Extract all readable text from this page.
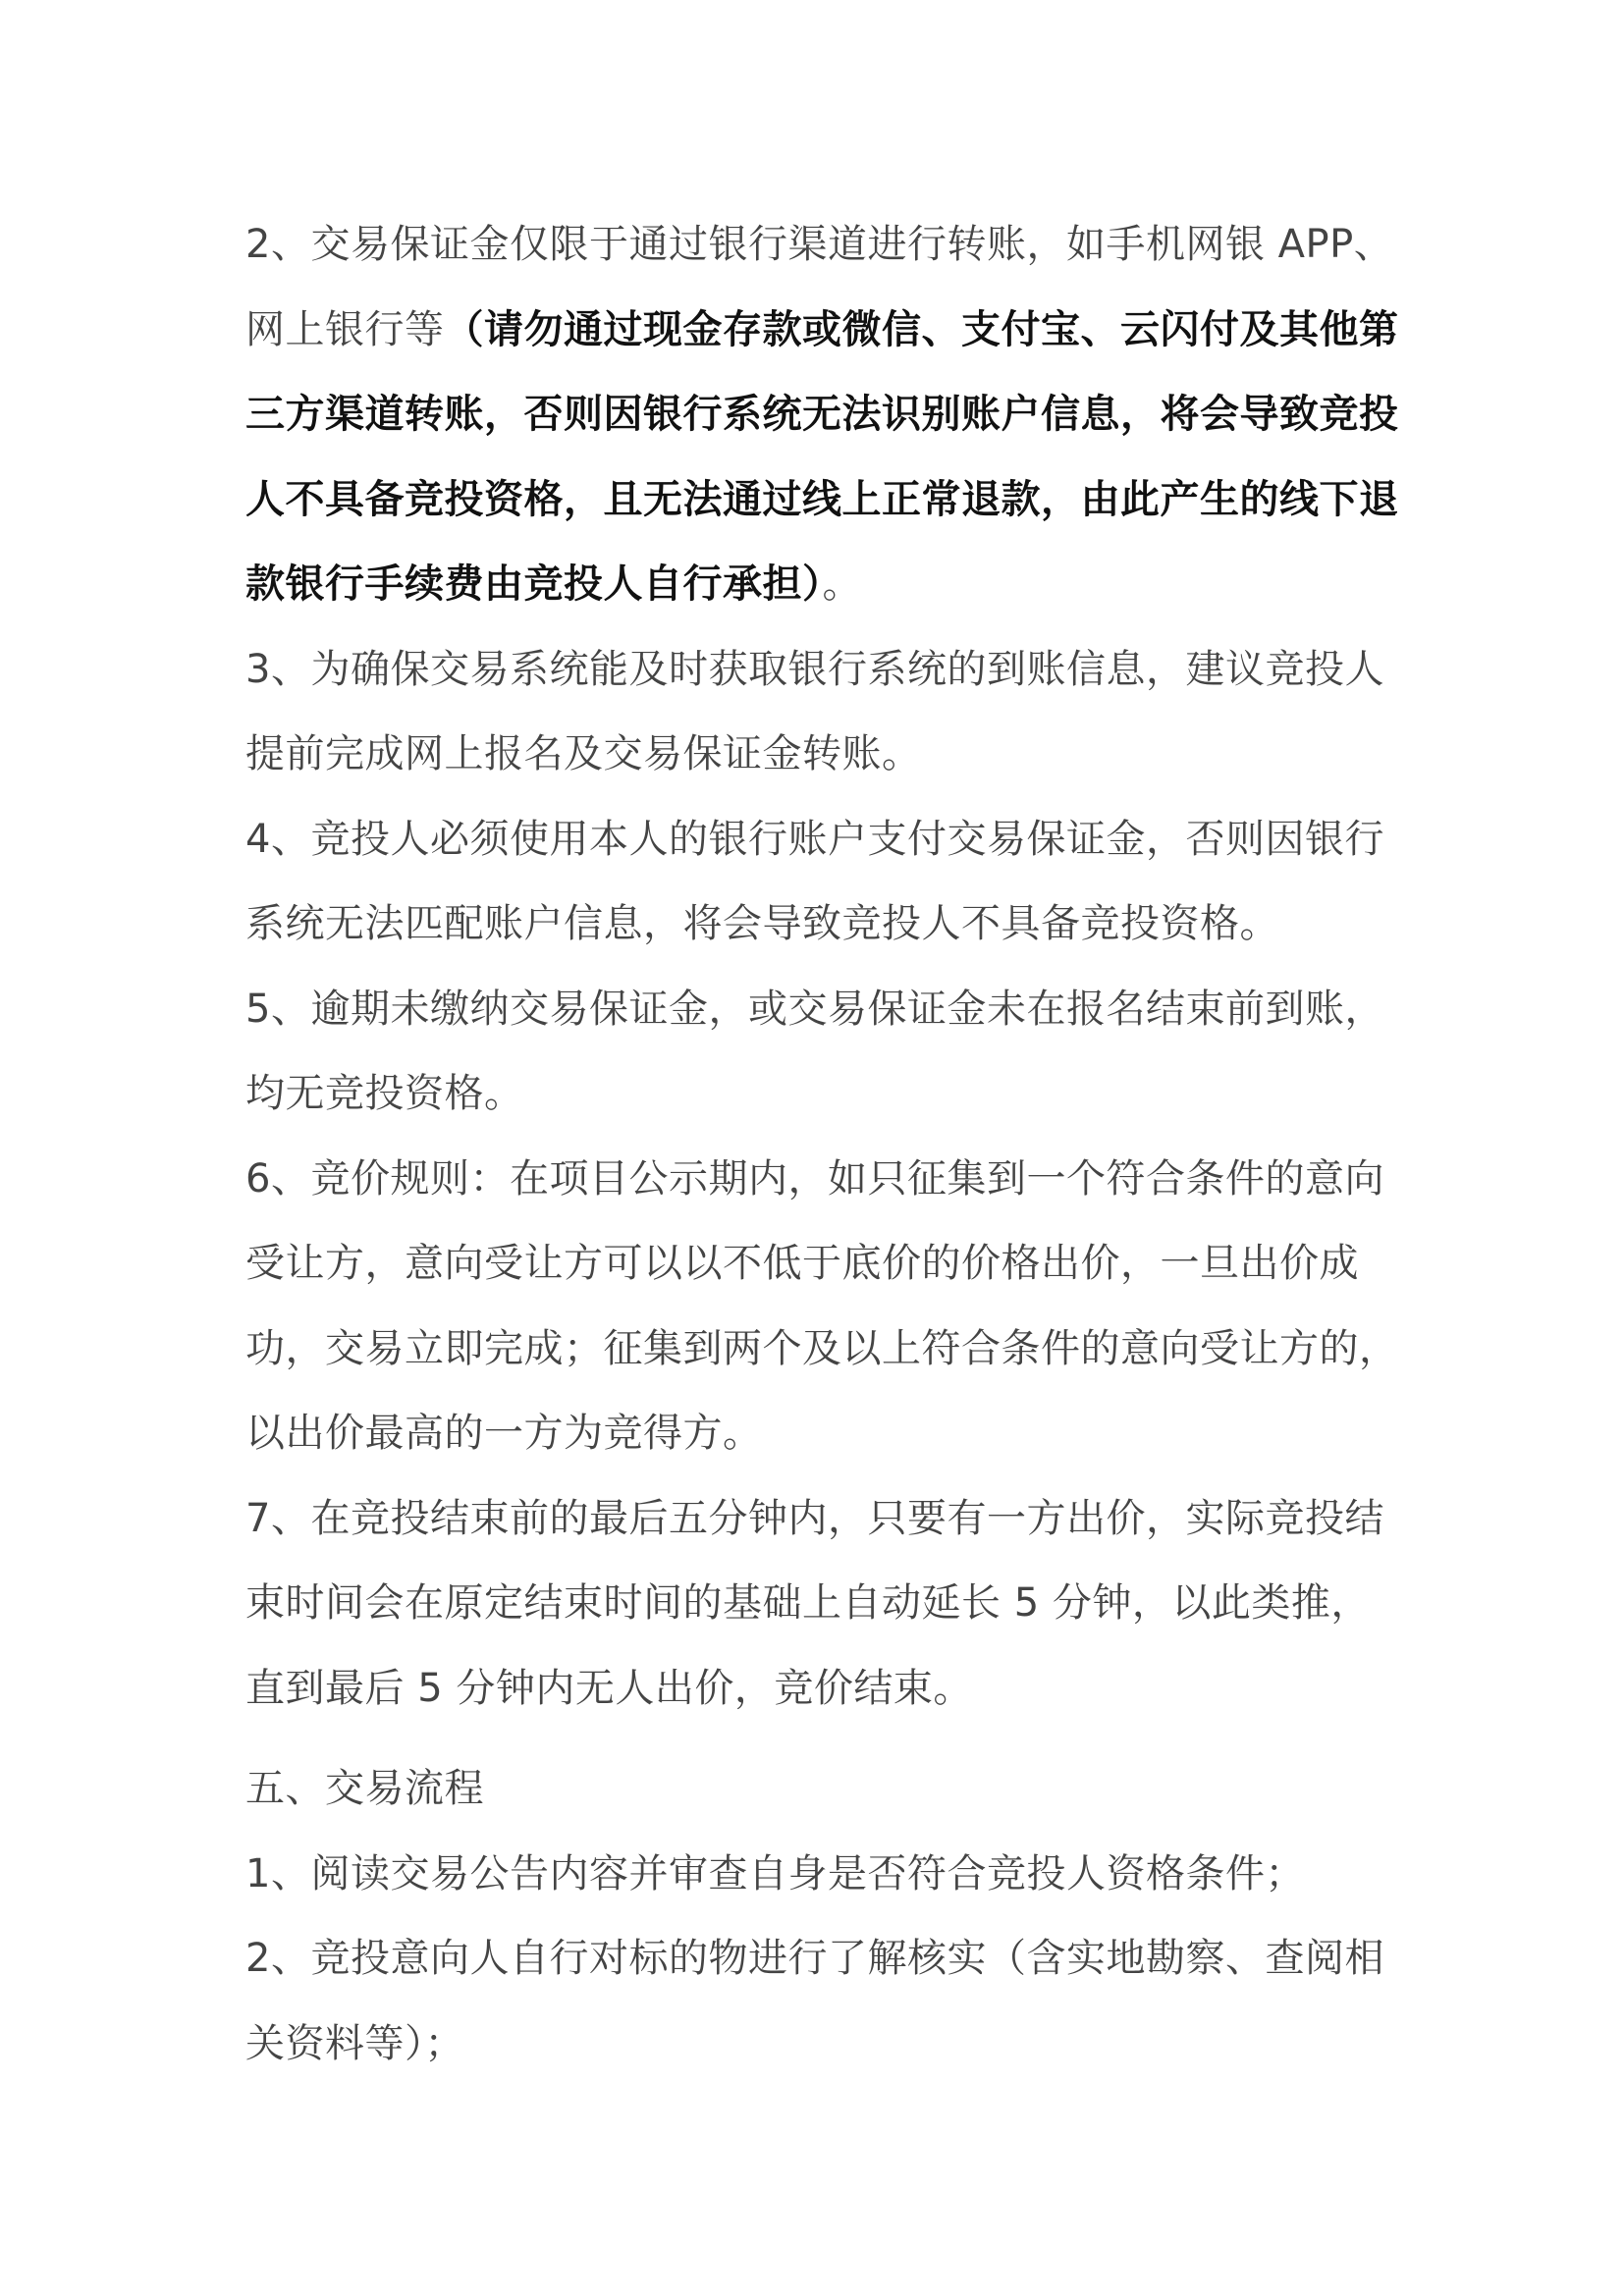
2、交易保证金仅限于通过银行渠道进行转账，如手机网银 APP、网上银行等（请勿通过现金存款或微信、支付宝、云闪付及其他第三方渠道转账，否则因银行系统无法识别账户信息，将会导致竞投人不具备竞投资格，且无法通过线上正常退款，由此产生的线下退款银行手续费由竞投人自行承担）。

3、为确保交易系统能及时获取银行系统的到账信息，建议竞投人提前完成网上报名及交易保证金转账。

4、竞投人必须使用本人的银行账户支付交易保证金，否则因银行系统无法匹配账户信息，将会导致竞投人不具备竞投资格。

5、逾期未缴纳交易保证金，或交易保证金未在报名结束前到账，均无竞投资格。

6、竞价规则：在项目公示期内，如只征集到一个符合条件的意向受让方，意向受让方可以以不低于底价的价格出价，一旦出价成功，交易立即完成；征集到两个及以上符合条件的意向受让方的，以出价最高的一方为竞得方。

7、在竞投结束前的最后五分钟内，只要有一方出价，实际竞投结束时间会在原定结束时间的基础上自动延长 5 分钟，以此类推，直到最后 5 分钟内无人出价，竞价结束。

五、交易流程

1、阅读交易公告内容并审查自身是否符合竞投人资格条件；

2、竞投意向人自行对标的物进行了解核实（含实地勘察、查阅相关资料等）；
